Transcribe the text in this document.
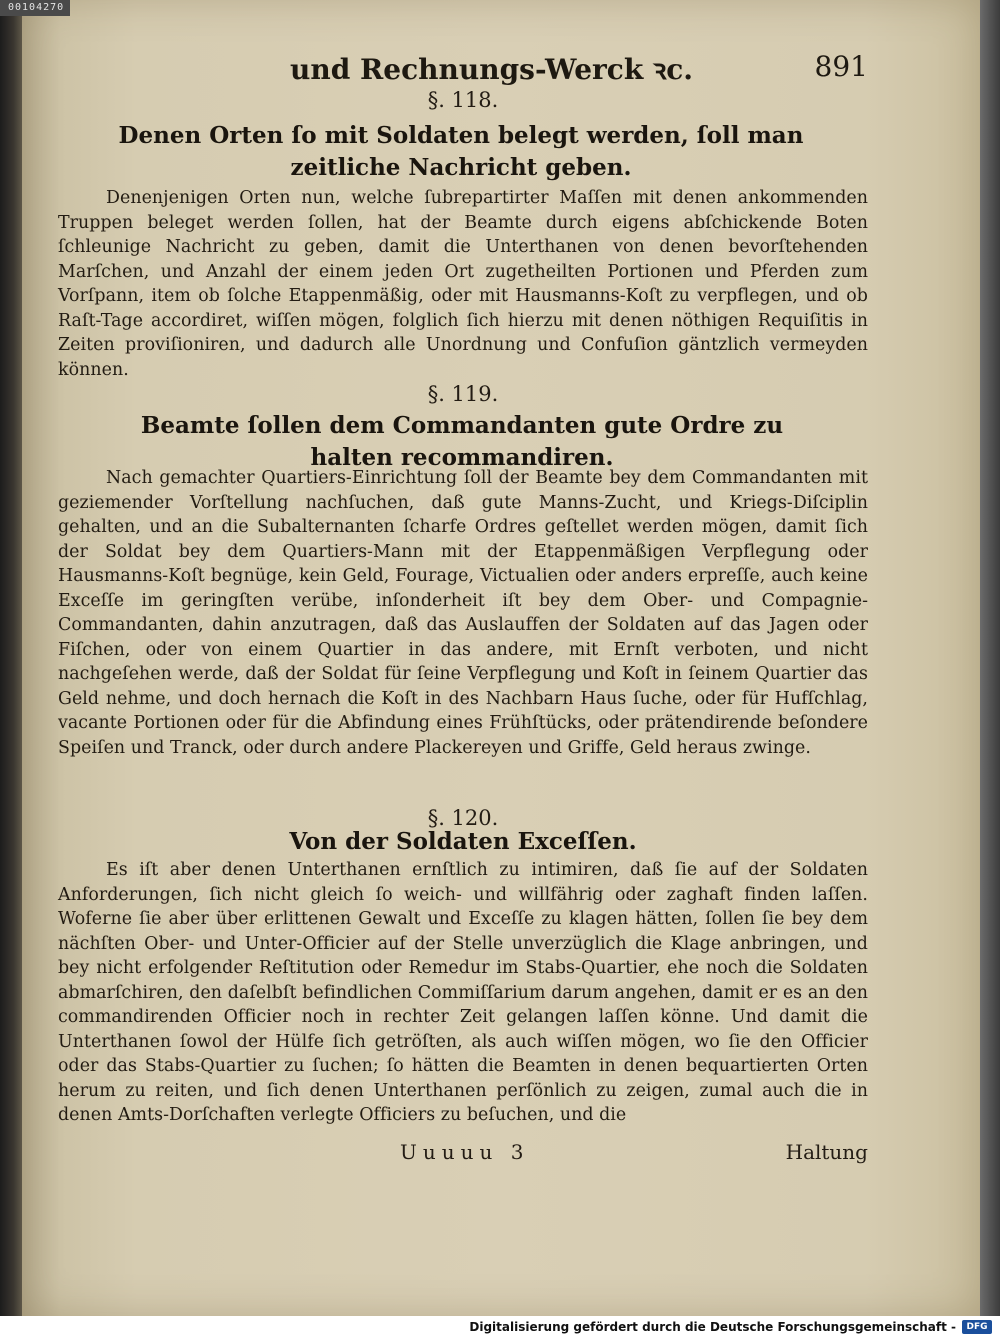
00104270
und Rechnungs-Werck ꝛc.	891
§. 118.
Denen Orten ſo mit Soldaten belegt werden, ſoll man zeitliche Nachricht geben.
Denenjenigen Orten nun, welche ſubrepartirter Maſſen mit denen ankommenden Truppen beleget werden ſollen, hat der Beamte durch eigens abſchickende Boten ſchleunige Nachricht zu geben, damit die Unterthanen von denen bevorſtehenden Marſchen, und Anzahl der einem jeden Ort zugetheilten Portionen und Pferden zum Vorſpann, item ob ſolche Etappenmäßig, oder mit Hausmanns-Koſt zu verpflegen, und ob Raſt-Tage accordiret, wiſſen mögen, folglich ſich hierzu mit denen nöthigen Requiſitis in Zeiten proviſioniren, und dadurch alle Unordnung und Confuſion gäntzlich vermeyden können.
§. 119.
Beamte ſollen dem Commandanten gute Ordre zu halten recommandiren.
Nach gemachter Quartiers-Einrichtung ſoll der Beamte bey dem Commandanten mit geziemender Vorſtellung nachſuchen, daß gute Manns-Zucht, und Kriegs-Diſciplin gehalten, und an die Subalternanten ſcharfe Ordres geſtellet werden mögen, damit ſich der Soldat bey dem Quartiers-Mann mit der Etappenmäßigen Verpflegung oder Hausmanns-Koſt begnüge, kein Geld, Fourage, Victualien oder anders erpreſſe, auch keine Exceſſe im geringſten verübe, inſonderheit iſt bey dem Ober- und Compagnie-Commandanten, dahin anzutragen, daß das Auslauffen der Soldaten auf das Jagen oder Fiſchen, oder von einem Quartier in das andere, mit Ernſt verboten, und nicht nachgeſehen werde, daß der Soldat für ſeine Verpflegung und Koſt in ſeinem Quartier das Geld nehme, und doch hernach die Koſt in des Nachbarn Haus ſuche, oder für Hufſchlag, vacante Portionen oder für die Abfindung eines Frühſtücks, oder prätendirende beſondere Speiſen und Tranck, oder durch andere Plackereyen und Griffe, Geld heraus zwinge.
§. 120.
Von der Soldaten Exceſſen.
Es iſt aber denen Unterthanen ernſtlich zu intimiren, daß ſie auf der Soldaten Anforderungen, ſich nicht gleich ſo weich- und willfährig oder zaghaft finden laſſen. Woferne ſie aber über erlittenen Gewalt und Exceſſe zu klagen hätten, ſollen ſie bey dem nächſten Ober- und Unter-Officier auf der Stelle unverzüglich die Klage anbringen, und bey nicht erfolgender Reſtitution oder Remedur im Stabs-Quartier, ehe noch die Soldaten abmarſchiren, den daſelbſt befindlichen Commiſſarium darum angehen, damit er es an den commandirenden Officier noch in rechter Zeit gelangen laſſen könne. Und damit die Unterthanen ſowol der Hülfe ſich getröſten, als auch wiſſen mögen, wo ſie den Officier oder das Stabs-Quartier zu ſuchen; ſo hätten die Beamten in denen bequartierten Orten herum zu reiten, und ſich denen Unterthanen perſönlich zu zeigen, zumal auch die in denen Amts-Dorſchaften verlegte Officiers zu beſuchen, und die
Uuuuu 3	Haltung
Digitalisierung gefördert durch die Deutsche Forschungsgemeinschaft -	DFG
